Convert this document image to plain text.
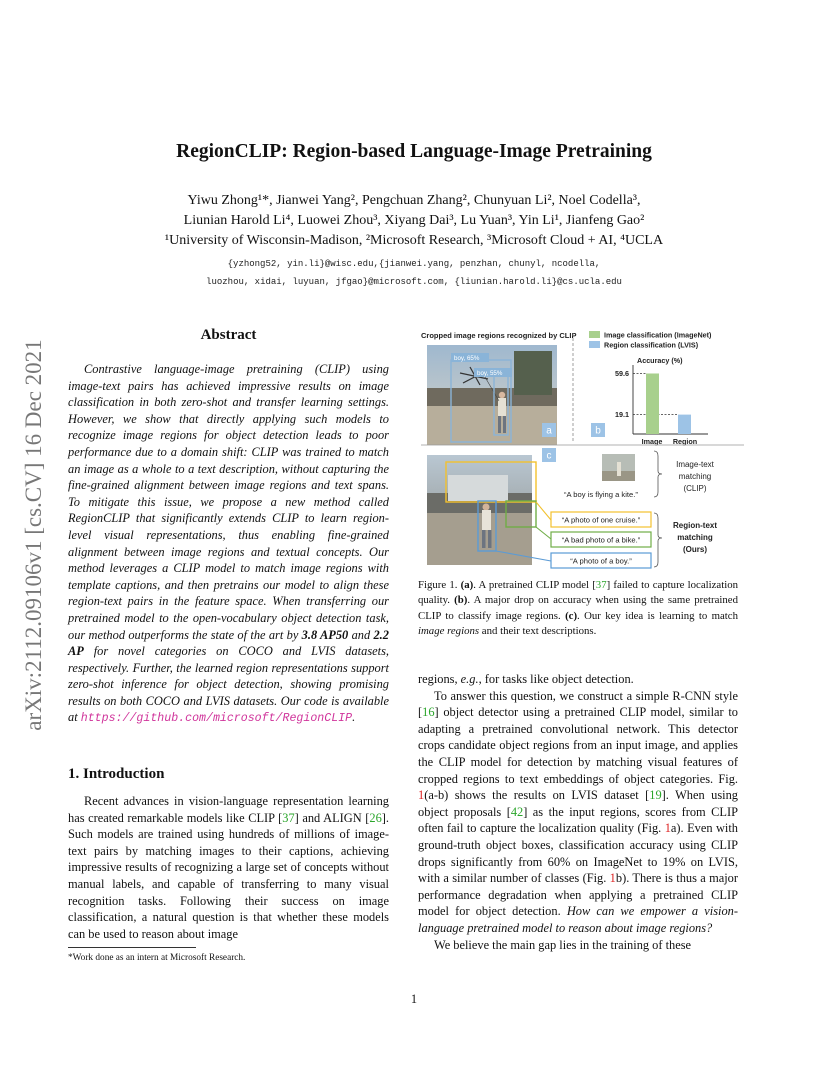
arXiv:2112.09106v1 [cs.CV] 16 Dec 2021
RegionCLIP: Region-based Language-Image Pretraining
Yiwu Zhong¹*, Jianwei Yang², Pengchuan Zhang², Chunyuan Li², Noel Codella³,
Liunian Harold Li⁴, Luowei Zhou³, Xiyang Dai³, Lu Yuan³, Yin Li¹, Jianfeng Gao²
¹University of Wisconsin-Madison, ²Microsoft Research, ³Microsoft Cloud + AI, ⁴UCLA
{yzhong52, yin.li}@wisc.edu,{jianwei.yang, penzhan, chunyl, ncodella,
luozhou, xidai, luyuan, jfgao}@microsoft.com, {liunian.harold.li}@cs.ucla.edu
Abstract

Contrastive language-image pretraining (CLIP) using image-text pairs has achieved impressive results on image classification in both zero-shot and transfer learning settings. However, we show that directly applying such models to recognize image regions for object detection leads to poor performance due to a domain shift: CLIP was trained to match an image as a whole to a text description, without capturing the fine-grained alignment between image regions and text spans. To mitigate this issue, we propose a new method called RegionCLIP that significantly extends CLIP to learn region-level visual representations, thus enabling fine-grained alignment between image regions and textual concepts. Our method leverages a CLIP model to match image regions with template captions, and then pretrains our model to align these region-text pairs in the feature space. When transferring our pretrained model to the open-vocabulary object detection task, our method outperforms the state of the art by 3.8 AP50 and 2.2 AP for novel categories on COCO and LVIS datasets, respectively. Further, the learned region representations support zero-shot inference for object detection, showing promising results on both COCO and LVIS datasets. Our code is available at https://github.com/microsoft/RegionCLIP.

1. Introduction

Recent advances in vision-language representation learning has created remarkable models like CLIP [37] and ALIGN [26]. Such models are trained using hundreds of millions of image-text pairs by matching images to their captions, achieving impressive results of recognizing a large set of concepts without manual labels, and capable of transferring to many visual recognition tasks. Following their success on image classification, a natural question is that whether these models can be used to reason about image

*Work done as an intern at Microsoft Research.
Cropped image regions recognized by CLIP
boy, 65%
boy, 55%
a
Image classification (ImageNet)
Region classification (LVIS)
Accuracy (%)
59.6
19.1
Image Region
b
c
“A boy is flying a kite.”
Image-text
matching
(CLIP)
“A photo of one cruise.”
“A bad photo of a bike.”
“A photo of a boy.”
Region-text
matching
(Ours)
Figure 1. (a). A pretrained CLIP model [37] failed to capture localization quality. (b). A major drop on accuracy when using the same pretrained CLIP to classify image regions. (c). Our key idea is learning to match image regions and their text descriptions.

regions, e.g., for tasks like object detection.

To answer this question, we construct a simple R-CNN style [16] object detector using a pretrained CLIP model, similar to adapting a pretrained convolutional network. This detector crops candidate object regions from an input image, and applies the CLIP model for detection by matching visual features of cropped regions to text embeddings of object categories. Fig. 1(a-b) shows the results on LVIS dataset [19]. When using object proposals [42] as the input regions, scores from CLIP often fail to capture the localization quality (Fig. 1a). Even with ground-truth object boxes, classification accuracy using CLIP drops significantly from 60% on ImageNet to 19% on LVIS, with a similar number of classes (Fig. 1b). There is thus a major performance degradation when applying a pretrained CLIP model for object detection. How can we empower a vision-language pretrained model to reason about image regions?

We believe the main gap lies in the training of these

1
